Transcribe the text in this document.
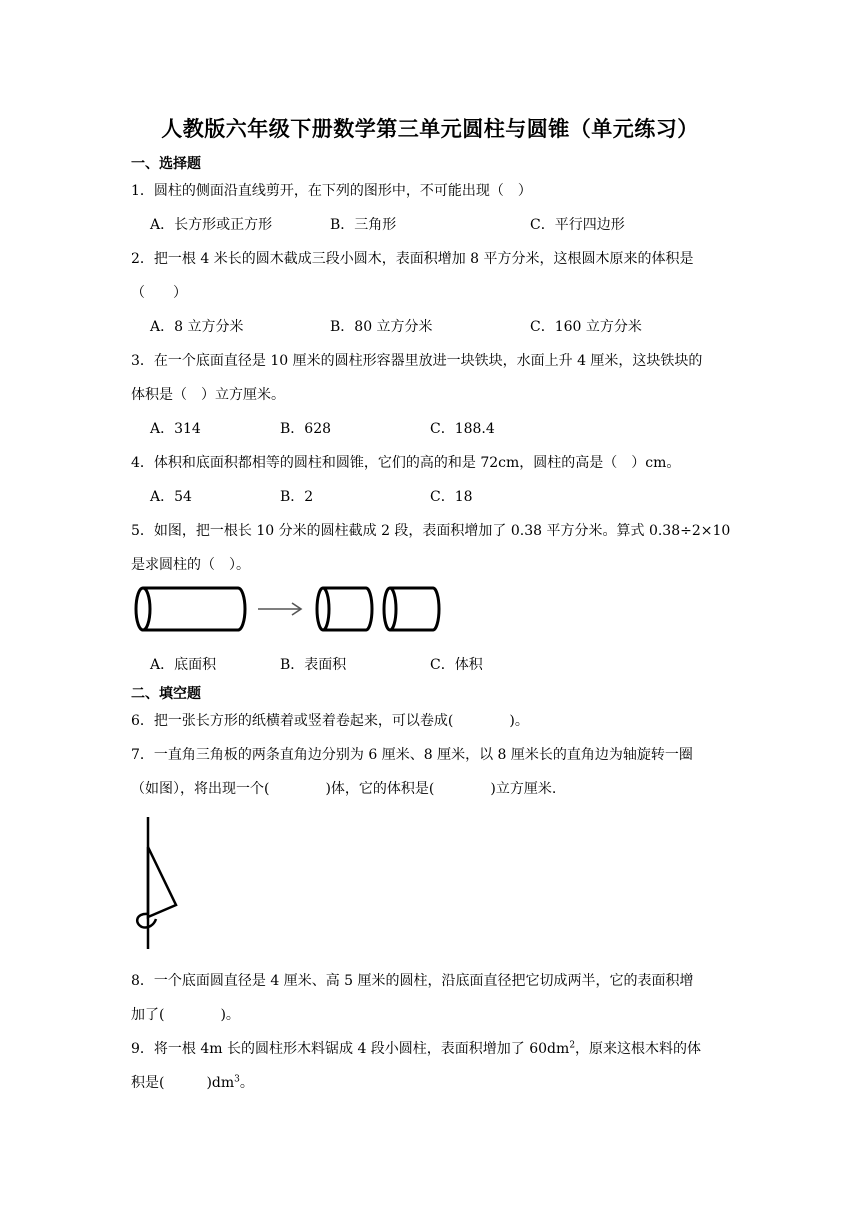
人教版六年级下册数学第三单元圆柱与圆锥（单元练习）
一、选择题
1．圆柱的侧面沿直线剪开，在下列的图形中，不可能出现（　）
A．长方形或正方形	B．三角形	C．平行四边形
2．把一根 4 米长的圆木截成三段小圆木，表面积增加 8 平方分米，这根圆木原来的体积是
（　　）
A．8 立方分米	B．80 立方分米	C．160 立方分米
3．在一个底面直径是 10 厘米的圆柱形容器里放进一块铁块，水面上升 4 厘米，这块铁块的
体积是（　）立方厘米。
A．314	B．628	C．188.4
4．体积和底面积都相等的圆柱和圆锥，它们的高的和是 72cm，圆柱的高是（　）cm。
A．54	B．2	C．18
5．如图，把一根长 10 分米的圆柱截成 2 段，表面积增加了 0.38 平方分米。算式 0.38÷2×10
是求圆柱的（　）。
A．底面积	B．表面积	C．体积
二、填空题
6．把一张长方形的纸横着或竖着卷起来，可以卷成(　　　　)。
7．一直角三角板的两条直角边分别为 6 厘米、8 厘米，以 8 厘米长的直角边为轴旋转一圈
（如图），将出现一个(　　　　)体，它的体积是(　　　　)立方厘米.
8．一个底面圆直径是 4 厘米、高 5 厘米的圆柱，沿底面直径把它切成两半，它的表面积增
加了(　　　　)。
9．将一根 4m 长的圆柱形木料锯成 4 段小圆柱，表面积增加了 $60dm^2$，原来这根木料的体
积是(　　　)$dm^3$。
